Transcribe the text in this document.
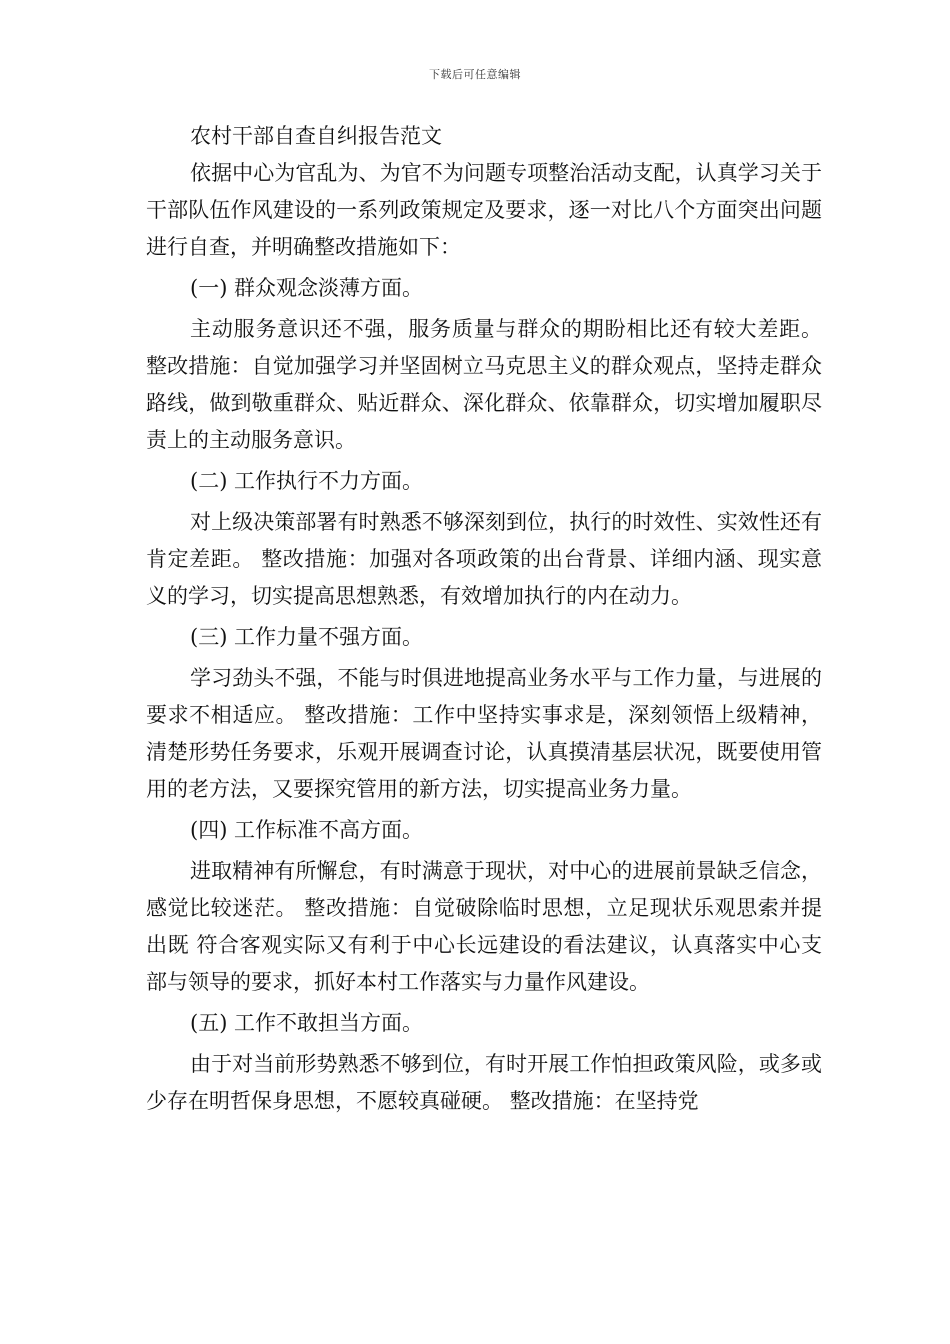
下载后可任意编辑

农村干部自查自纠报告范文

依据中心为官乱为、为官不为问题专项整治活动支配，认真学习关于干部队伍作风建设的一系列政策规定及要求，逐一对比八个方面突出问题进行自查，并明确整改措施如下：

(一) 群众观念淡薄方面。

主动服务意识还不强，服务质量与群众的期盼相比还有较大差距。 整改措施：自觉加强学习并坚固树立马克思主义的群众观点，坚持走群众路线，做到敬重群众、贴近群众、深化群众、依靠群众，切实增加履职尽责上的主动服务意识。

(二) 工作执行不力方面。

对上级决策部署有时熟悉不够深刻到位，执行的时效性、实效性还有肯定差距。 整改措施：加强对各项政策的出台背景、详细内涵、现实意义的学习，切实提高思想熟悉，有效增加执行的内在动力。

(三) 工作力量不强方面。

学习劲头不强，不能与时俱进地提高业务水平与工作力量，与进展的要求不相适应。 整改措施：工作中坚持实事求是，深刻领悟上级精神，清楚形势任务要求，乐观开展调查讨论，认真摸清基层状况，既要使用管用的老方法，又要探究管用的新方法，切实提高业务力量。

(四) 工作标准不高方面。

进取精神有所懈怠，有时满意于现状，对中心的进展前景缺乏信念，感觉比较迷茫。 整改措施：自觉破除临时思想，立足现状乐观思索并提出既 符合客观实际又有利于中心长远建设的看法建议，认真落实中心支部与领导的要求，抓好本村工作落实与力量作风建设。

(五) 工作不敢担当方面。

由于对当前形势熟悉不够到位，有时开展工作怕担政策风险，或多或少存在明哲保身思想，不愿较真碰硬。 整改措施：在坚持党
